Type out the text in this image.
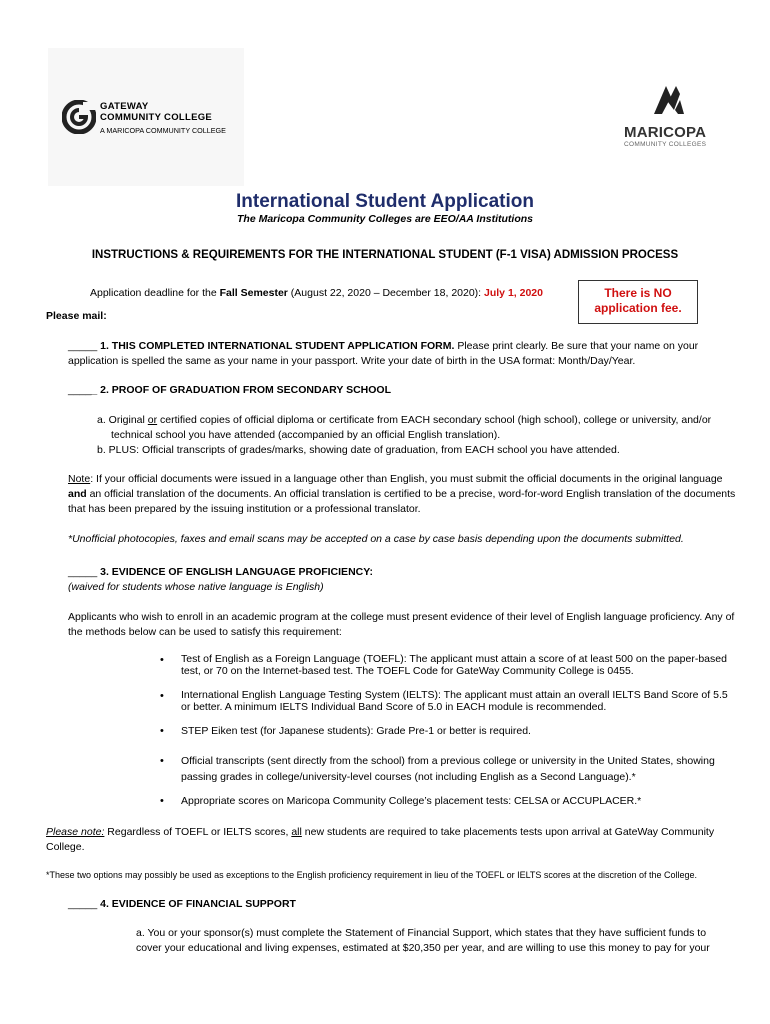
GATEWAY
COMMUNITY COLLEGE
A MARICOPA COMMUNITY COLLEGE	MARICOPA
COMMUNITY COLLEGES
International Student Application
The Maricopa Community Colleges are EEO/AA Institutions
INSTRUCTIONS & REQUIREMENTS FOR THE INTERNATIONAL STUDENT (F-1 VISA) ADMISSION PROCESS
Application deadline for the Fall Semester (August 22, 2020 – December 18, 2020): July 1, 2020
Please mail:
There is NO
application fee.
_____ 1. THIS COMPLETED INTERNATIONAL STUDENT APPLICATION FORM. Please print clearly. Be sure that your name on your
application is spelled the same as your name in your passport. Write your date of birth in the USA format: Month/Day/Year.
_____ 2. PROOF OF GRADUATION FROM SECONDARY SCHOOL
a. Original or certified copies of official diploma or certificate from EACH secondary school (high school), college or university, and/or
technical school you have attended (accompanied by an official English translation).
b. PLUS: Official transcripts of grades/marks, showing date of graduation, from EACH school you have attended.
Note: If your official documents were issued in a language other than English, you must submit the official documents in the original language
and an official translation of the documents. An official translation is certified to be a precise, word-for-word English translation of the documents
that has been prepared by the issuing institution or a professional translator.
*Unofficial photocopies, faxes and email scans may be accepted on a case by case basis depending upon the documents submitted.
_____ 3. EVIDENCE OF ENGLISH LANGUAGE PROFICIENCY:
(waived for students whose native language is English)
Applicants who wish to enroll in an academic program at the college must present evidence of their level of English language proficiency. Any of
the methods below can be used to satisfy this requirement:
• Test of English as a Foreign Language (TOEFL): The applicant must attain a score of at least 500 on the paper-based
test, or 70 on the Internet-based test. The TOEFL Code for GateWay Community College is 0455.
• International English Language Testing System (IELTS): The applicant must attain an overall IELTS Band Score of 5.5
or better. A minimum IELTS Individual Band Score of 5.0 in EACH module is recommended.
• STEP Eiken test (for Japanese students): Grade Pre-1 or better is required.
• Official transcripts (sent directly from the school) from a previous college or university in the United States, showing
passing grades in college/university-level courses (not including English as a Second Language).*
• Appropriate scores on Maricopa Community College’s placement tests: CELSA or ACCUPLACER.*
Please note: Regardless of TOEFL or IELTS scores, all new students are required to take placements tests upon arrival at GateWay Community
College.
*These two options may possibly be used as exceptions to the English proficiency requirement in lieu of the TOEFL or IELTS scores at the discretion of the College.
_____ 4. EVIDENCE OF FINANCIAL SUPPORT
a. You or your sponsor(s) must complete the Statement of Financial Support, which states that they have sufficient funds to
cover your educational and living expenses, estimated at $20,350 per year, and are willing to use this money to pay for your
